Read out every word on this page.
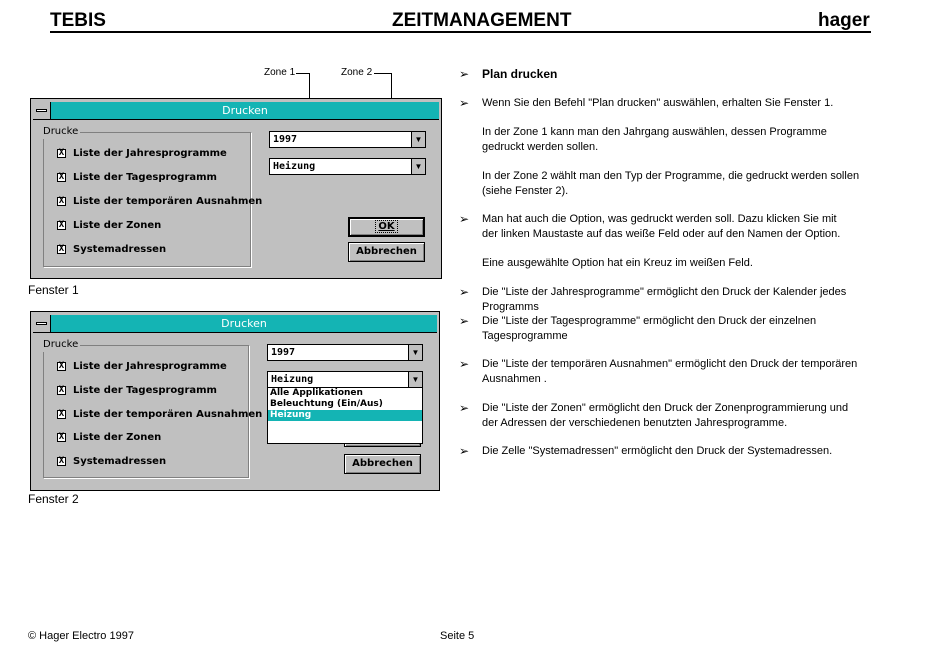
TEBIS	ZEITMANAGEMENT	hager
Zone 1	Zone 2
Drucken
Drucke
X Liste der Jahresprogramme
X Liste der Tagesprogramm
X Liste der temporären Ausnahmen
X Liste der Zonen
X Systemadressen
1997	▼
Heizung	▼
OK
Abbrechen
Fenster 1
Drucken
Drucke
X Liste der Jahresprogramme
X Liste der Tagesprogramm
X Liste der temporären Ausnahmen
X Liste der Zonen
X Systemadressen
1997	▼
Heizung	▼
Alle Applikationen
Beleuchtung (Ein/Aus)
Heizung
Abbrechen
Fenster 2
➢ Plan drucken
➢ Wenn Sie den Befehl "Plan drucken" auswählen, erhalten Sie Fenster 1.
In der Zone 1 kann man den Jahrgang auswählen, dessen Programme
gedruckt werden sollen.
In der Zone 2 wählt man den Typ der Programme, die gedruckt werden sollen
(siehe Fenster 2).
➢ Man hat auch die Option, was gedruckt werden soll. Dazu klicken Sie mit
der linken Maustaste auf das weiße Feld oder auf den Namen der Option.
Eine ausgewählte Option hat ein Kreuz im weißen Feld.
➢ Die "Liste der Jahresprogramme" ermöglicht den Druck der Kalender jedes
Programms
➢ Die "Liste der Tagesprogramme" ermöglicht den Druck der einzelnen
Tagesprogramme
➢ Die "Liste der temporären Ausnahmen" ermöglicht den Druck der temporären
Ausnahmen .
➢ Die "Liste der Zonen" ermöglicht den Druck der Zonenprogrammierung und
der Adressen der verschiedenen benutzten Jahresprogramme.
➢ Die Zelle "Systemadressen" ermöglicht den Druck der Systemadressen.
© Hager Electro 1997	Seite 5
